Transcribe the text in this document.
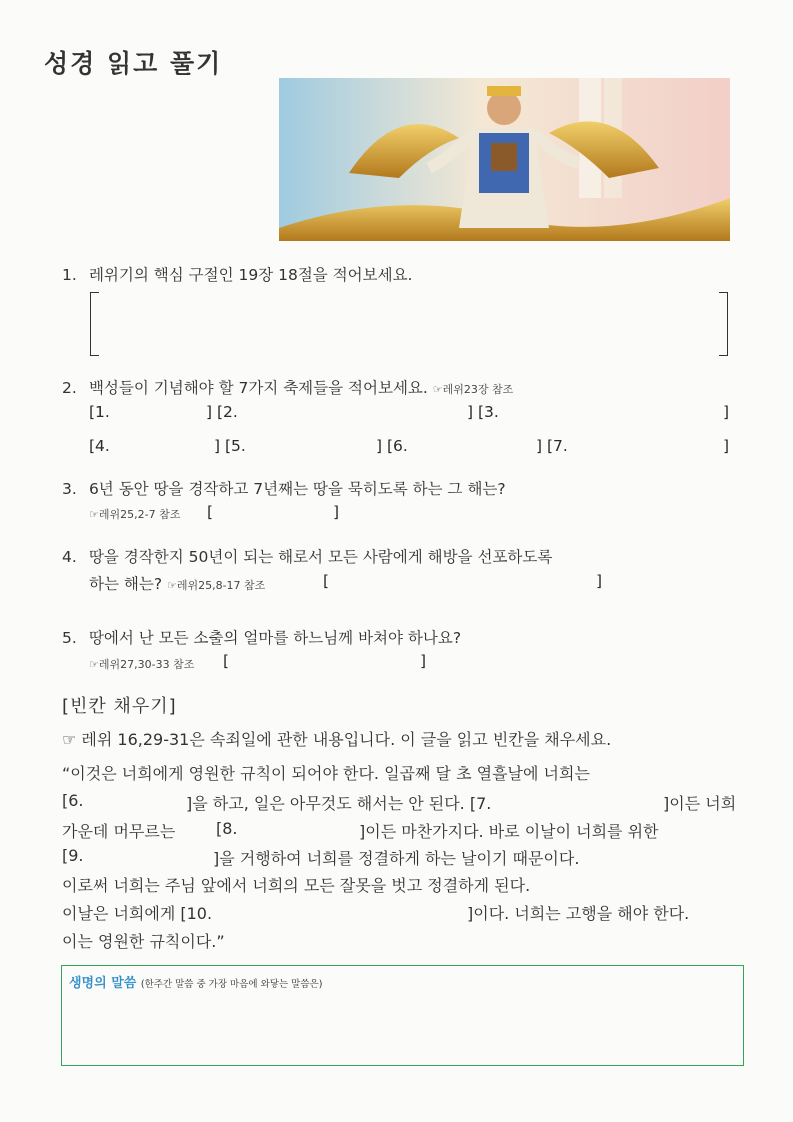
성경 읽고 풀기
1. 레위기의 핵심 구절인 19장 18절을 적어보세요.
2. 백성들이 기념해야 할 7가지 축제들을 적어보세요. ☞레위23장 참조
[1.	] [2.	] [3.	]
[4.	] [5.	] [6.	] [7.	]
3. 6년 동안 땅을 경작하고 7년째는 땅을 묵히도록 하는 그 해는?
☞레위25,2-7 참조 [	]
4. 땅을 경작한지 50년이 되는 해로서 모든 사람에게 해방을 선포하도록
하는 해는? ☞레위25,8-17 참조	[	]
5. 땅에서 난 모든 소출의 얼마를 하느님께 바쳐야 하나요?
☞레위27,30-33 참조 [	]
[빈칸 채우기]
☞ 레위 16,29-31은 속죄일에 관한 내용입니다. 이 글을 읽고 빈칸을 채우세요.
“이것은 너희에게 영원한 규칙이 되어야 한다. 일곱째 달 초 열흘날에 너희는
[6.	]을 하고, 일은 아무것도 해서는 안 된다. [7.	]이든 너희
가운데 머무르는	[8.	]이든 마찬가지다. 바로 이날이 너희를 위한
[9.	]을 거행하여 너희를 정결하게 하는 날이기 때문이다.
이로써 너희는 주님 앞에서 너희의 모든 잘못을 벗고 정결하게 된다.
이날은 너희에게 [10.	]이다. 너희는 고행을 해야 한다.
이는 영원한 규칙이다.”
생명의 말씀 (한주간 말씀 중 가장 마음에 와닿는 말씀은)
